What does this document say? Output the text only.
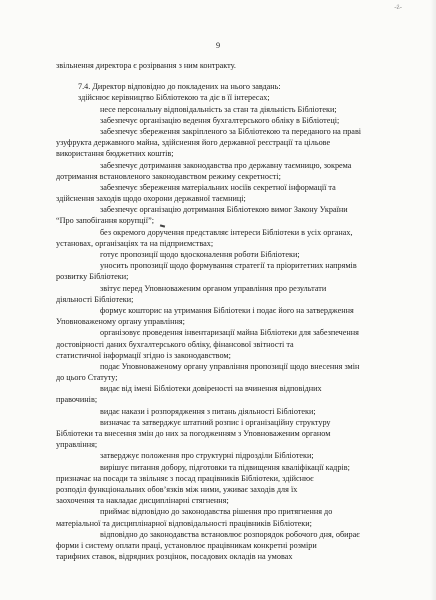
-ż-
9
звільнення директора є розірвання з ним контракту.
7.4. Директор відповідно до покладених на нього завдань:
здійснює керівництво Бібліотекою та діє в її інтересах;
несе персональну відповідальність за стан та діяльність Бібліотеки;
забезпечує організацію ведення бухгалтерського обліку в Бібліотеці;
забезпечує збереження закріпленого за Бібліотекою та переданого на праві
узуфрукта державного майна, здійснення його державної реєстрації та цільове
використання бюджетних коштів;
забезпечує дотримання законодавства про державну таємницю, зокрема
дотримання встановленого законодавством режиму секретності;
забезпечує збереження матеріальних носіїв секретної інформації та
здійснення заходів щодо охорони державної таємниці;
забезпечує організацію дотримання Бібліотекою вимог Закону України
“Про запобігання корупції”;
без окремого доручення представляє інтереси Бібліотеки в усіх органах,
установах, організаціях та на підприємствах;
готує пропозиції щодо вдосконалення роботи Бібліотеки;
уносить пропозиції щодо формування стратегії та пріоритетних напрямів
розвитку Бібліотеки;
звітує перед Уповноваженим органом управління про результати
діяльності Бібліотеки;
формує кошторис на утримання Бібліотеки і подає його на затвердження
Уповноваженому органу управління;
організовує проведення інвентаризації майна Бібліотеки для забезпечення
достовірності даних бухгалтерського обліку, фінансової звітності та
статистичної інформації згідно із законодавством;
подає Уповноваженому органу управління пропозиції щодо внесення змін
до цього Статуту;
видає від імені Бібліотеки довіреності на вчинення відповідних
правочинів;
видає накази і розпорядження з питань діяльності Бібліотеки;
визначає та затверджує штатний розпис і організаційну структуру
Бібліотеки та внесення змін до них за погодженням з Уповноваженим органом
управління;
затверджує положення про структурні підрозділи Бібліотеки;
вирішує питання добору, підготовки та підвищення кваліфікації кадрів;
призначає на посади та звільняє з посад працівників Бібліотеки, здійснює
розподіл функціональних обов’язків між ними, уживає заходів для їх
заохочення та накладає дисциплінарні стягнення;
приймає відповідно до законодавства рішення про притягнення до
матеріальної та дисциплінарної відповідальності працівників Бібліотеки;
відповідно до законодавства встановлює розпорядок робочого дня, обирає
форми і систему оплати праці, установлює працівникам конкретні розміри
тарифних ставок, відрядних розцінок, посадових окладів на умовах
